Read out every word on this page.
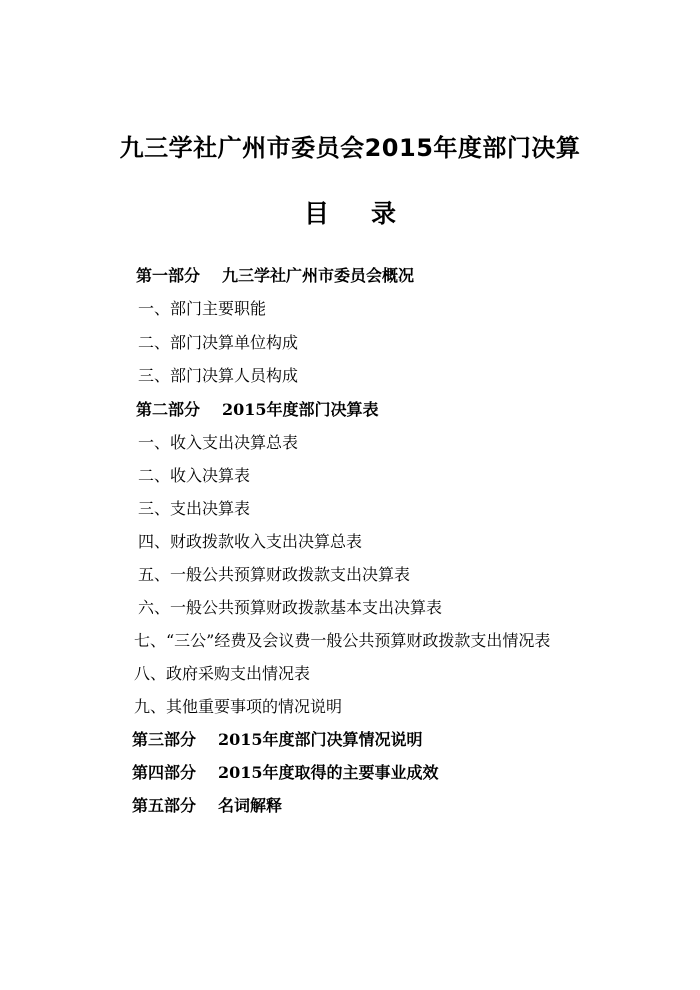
九三学社广州市委员会2015年度部门决算
目录
第一部分 九三学社广州市委员会概况
一、部门主要职能
二、部门决算单位构成
三、部门决算人员构成
第二部分 2015年度部门决算表
一、收入支出决算总表
二、收入决算表
三、支出决算表
四、财政拨款收入支出决算总表
五、一般公共预算财政拨款支出决算表
六、一般公共预算财政拨款基本支出决算表
七、“三公”经费及会议费一般公共预算财政拨款支出情况表
八、政府采购支出情况表
九、其他重要事项的情况说明
第三部分 2015年度部门决算情况说明
第四部分 2015年度取得的主要事业成效
第五部分 名词解释
